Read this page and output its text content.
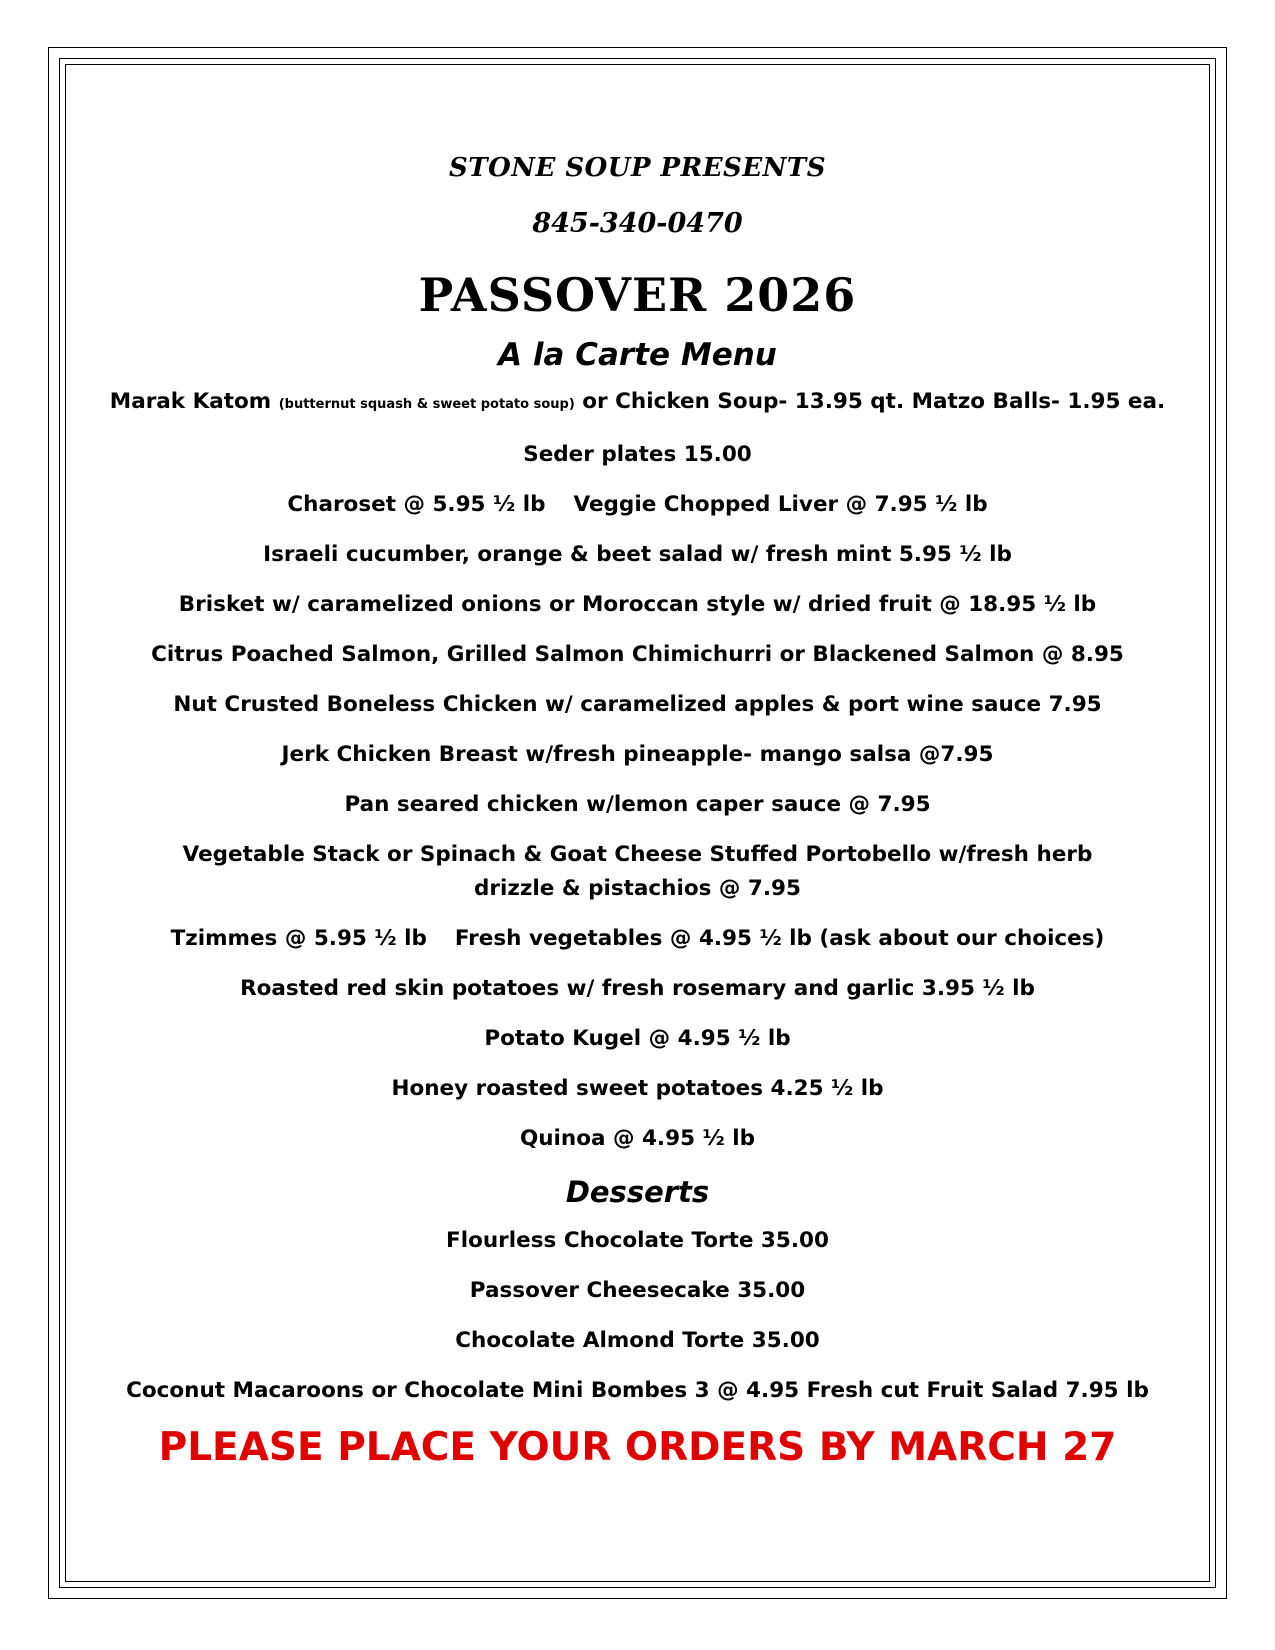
STONE SOUP PRESENTS
845-340-0470
PASSOVER 2026
A la Carte Menu
Marak Katom (butternut squash & sweet potato soup) or Chicken Soup- 13.95 qt. Matzo Balls- 1.95 ea.
Seder plates 15.00
Charoset @ 5.95 ½ lb Veggie Chopped Liver @ 7.95 ½ lb
Israeli cucumber, orange & beet salad w/ fresh mint 5.95 ½ lb
Brisket w/ caramelized onions or Moroccan style w/ dried fruit @ 18.95 ½ lb
Citrus Poached Salmon, Grilled Salmon Chimichurri or Blackened Salmon @ 8.95
Nut Crusted Boneless Chicken w/ caramelized apples & port wine sauce 7.95
Jerk Chicken Breast w/fresh pineapple- mango salsa @7.95
Pan seared chicken w/lemon caper sauce @ 7.95
Vegetable Stack or Spinach & Goat Cheese Stuffed Portobello w/fresh herb drizzle & pistachios @ 7.95
Tzimmes @ 5.95 ½ lb Fresh vegetables @ 4.95 ½ lb (ask about our choices)
Roasted red skin potatoes w/ fresh rosemary and garlic 3.95 ½ lb
Potato Kugel @ 4.95 ½ lb
Honey roasted sweet potatoes 4.25 ½ lb
Quinoa @ 4.95 ½ lb
Desserts
Flourless Chocolate Torte 35.00
Passover Cheesecake 35.00
Chocolate Almond Torte 35.00
Coconut Macaroons or Chocolate Mini Bombes 3 @ 4.95 Fresh cut Fruit Salad 7.95 lb
PLEASE PLACE YOUR ORDERS BY MARCH 27
